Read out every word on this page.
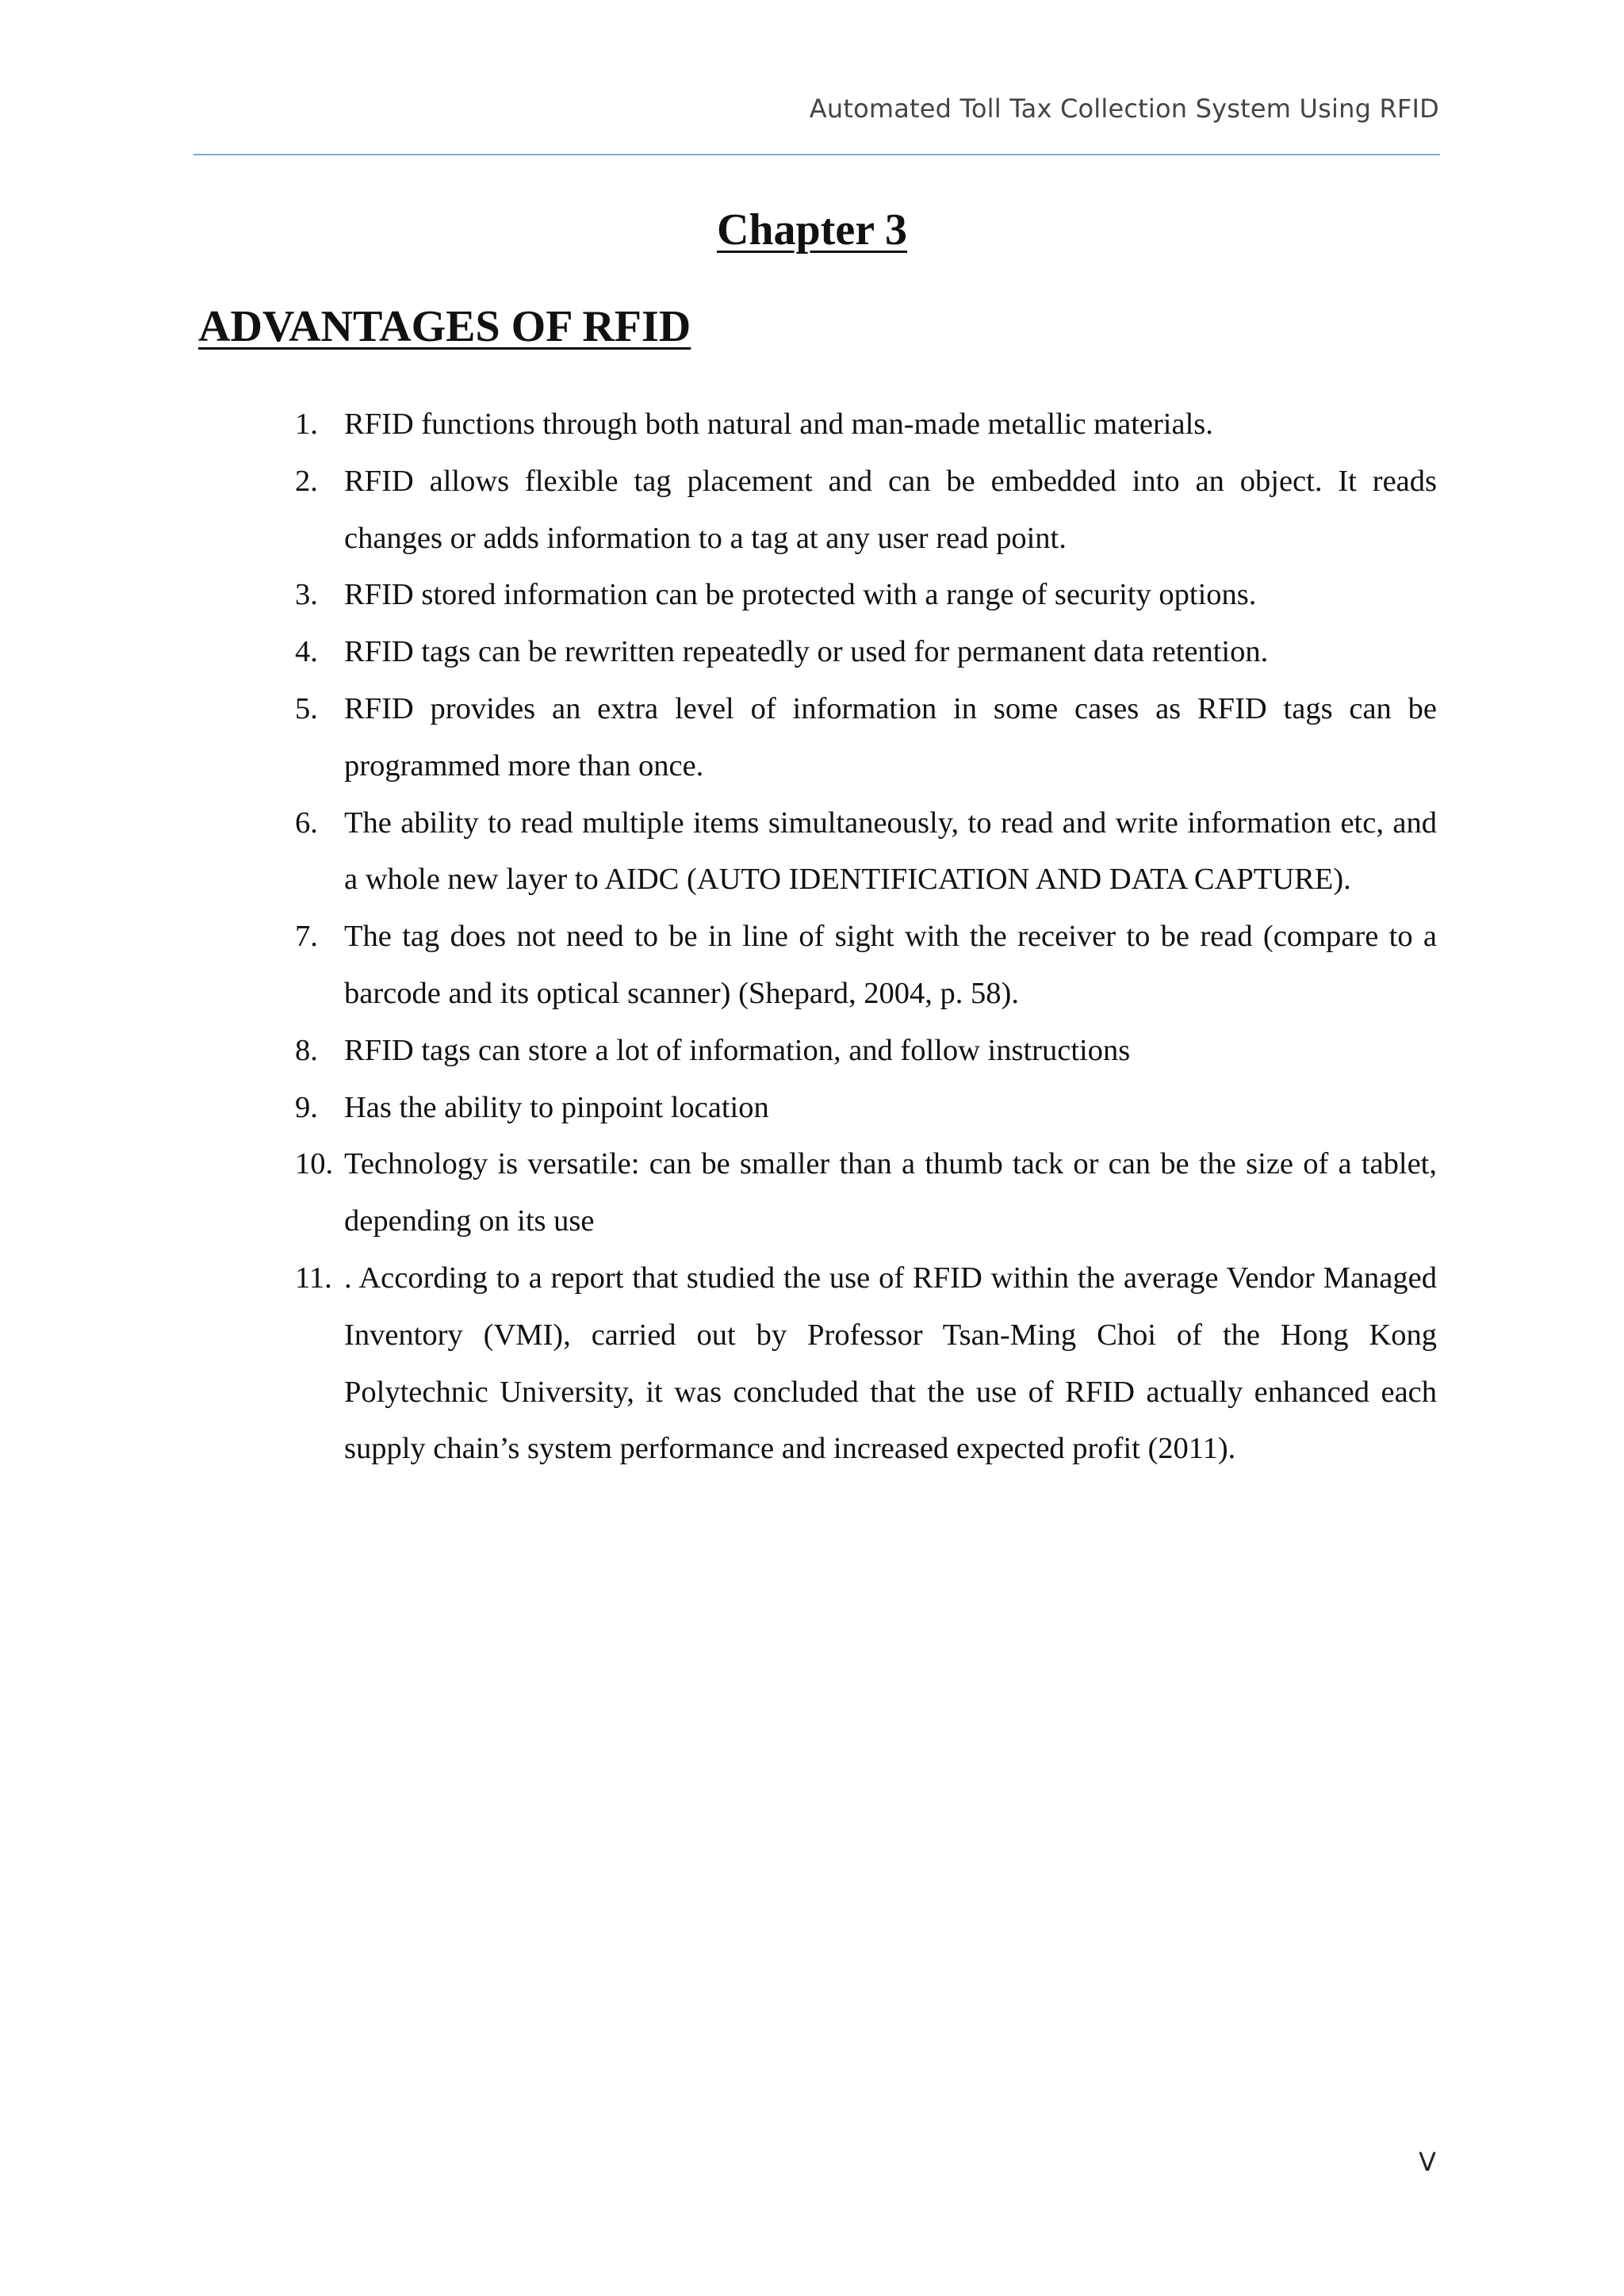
Automated Toll Tax Collection System Using RFID
Chapter 3
ADVANTAGES OF RFID
1. RFID functions through both natural and man-made metallic materials.
2. RFID allows flexible tag placement and can be embedded into an object. It reads changes or adds information to a tag at any user read point.
3. RFID stored information can be protected with a range of security options.
4. RFID tags can be rewritten repeatedly or used for permanent data retention.
5. RFID provides an extra level of information in some cases as RFID tags can be programmed more than once.
6. The ability to read multiple items simultaneously, to read and write information etc, and a whole new layer to AIDC (AUTO IDENTIFICATION AND DATA CAPTURE).
7. The tag does not need to be in line of sight with the receiver to be read (compare to a barcode and its optical scanner) (Shepard, 2004, p. 58).
8. RFID tags can store a lot of information, and follow instructions
9. Has the ability to pinpoint location
10. Technology is versatile: can be smaller than a thumb tack or can be the size of a tablet, depending on its use
11. . According to a report that studied the use of RFID within the average Vendor Managed Inventory (VMI), carried out by Professor Tsan-Ming Choi of the Hong Kong Polytechnic University, it was concluded that the use of RFID actually enhanced each supply chain’s system performance and increased expected profit (2011).
V
